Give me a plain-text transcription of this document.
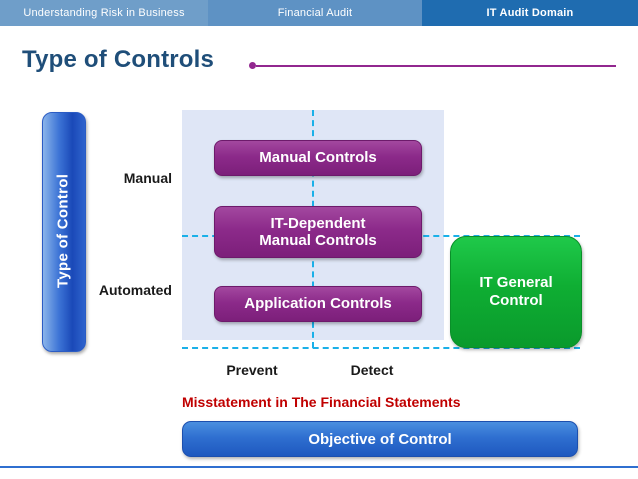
Understanding Risk in Business	Financial Audit	IT Audit Domain
Type of Controls
Type of Control	Manual
Automated
Manual Controls
IT-Dependent
Manual Controls
Application Controls
IT General
Control
Prevent	Detect
Misstatement in The Financial Statements
Objective of Control
